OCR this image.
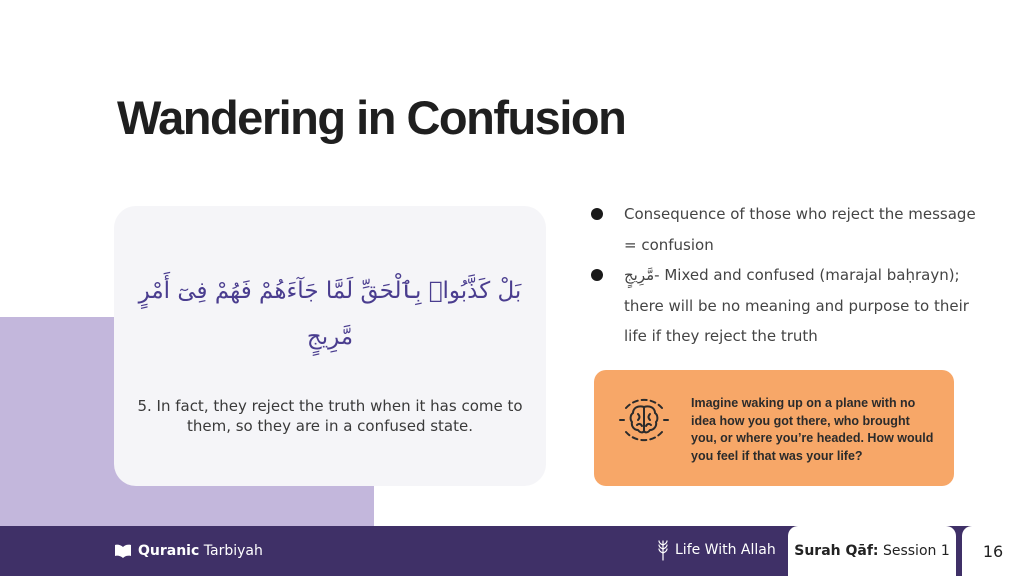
Wandering in Confusion
بَلْ كَذَّبُوا۟ بِٱلْحَقِّ لَمَّا جَآءَهُمْ فَهُمْ فِىٓ أَمْرٍ مَّرِيجٍ
5. In fact, they reject the truth when it has come to them, so they are in a confused state.
Consequence of those who reject the message = confusion
مَّرِيجٍ- Mixed and confused (marajal baḥrayn); there will be no meaning and purpose to their life if they reject the truth
Imagine waking up on a plane with no idea how you got there, who brought you, or where you’re headed. How would you feel if that was your life?
Quranic Tarbiyah	Life With Allah Surah Qāf: Session 1 16
